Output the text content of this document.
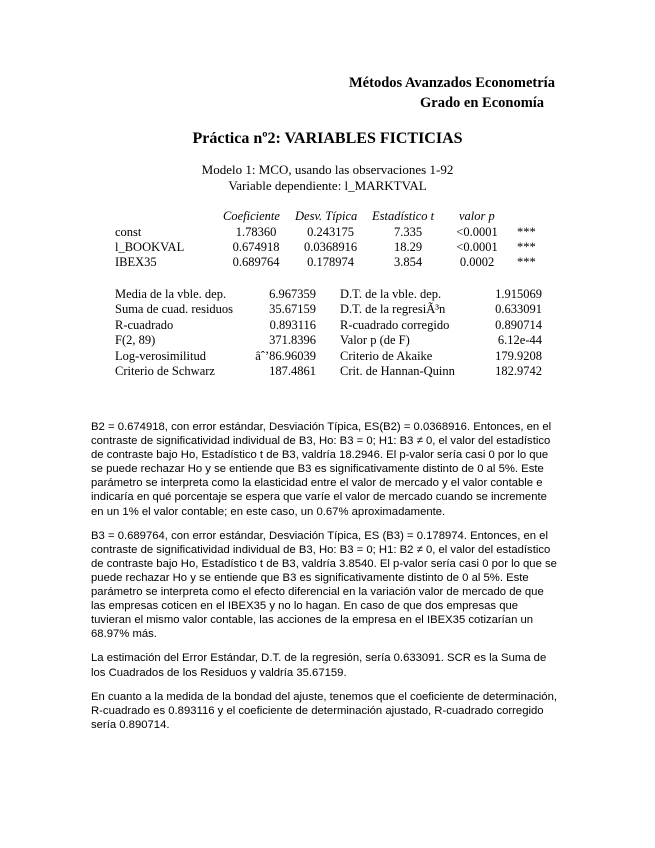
Métodos Avanzados Econometría
Grado en Economía
Práctica nº2: VARIABLES FICTICIAS
Modelo 1: MCO, usando las observaciones 1-92
Variable dependiente: l_MARKTVAL
Coeficiente Desv. Típica Estadístico t valor p
const	1.78360	0.243175	7.335	<0.0001	***
l_BOOKVAL	0.674918	0.0368916	18.29	<0.0001	***
IBEX35	0.689764	0.178974	3.854	0.0002	***
Media de la vble. dep.	6.967359 D.T. de la vble. dep.	1.915069
Suma de cuad. residuos	35.67159 D.T. de la regresiÃ³n	0.633091
R-cuadrado	0.893116 R-cuadrado corregido	0.890714
F(2, 89)	371.8396 Valor p (de F)	6.12e-44
Log-verosimilitud	âˆ’86.96039 Criterio de Akaike	179.9208
Criterio de Schwarz	187.4861 Crit. de Hannan-Quinn	182.9742

B2 = 0.674918, con error estándar, Desviación Típica, ES(B2) = 0.0368916. Entonces, en el contraste de significatividad individual de B3, Ho: B3 = 0; H1: B3 ≠ 0, el valor del estadístico de contraste bajo Ho, Estadístico t de B3, valdría 18.2946. El p-valor sería casi 0 por lo que se puede rechazar Ho y se entiende que B3 es significativamente distinto de 0 al 5%. Este parámetro se interpreta como la elasticidad entre el valor de mercado y el valor contable e indicaría en qué porcentaje se espera que varíe el valor de mercado cuando se incremente en un 1% el valor contable; en este caso, un 0.67% aproximadamente.

B3 = 0.689764, con error estándar, Desviación Típica, ES (B3) = 0.178974. Entonces, en el contraste de significatividad individual de B3, Ho: B3 = 0; H1: B2 ≠ 0, el valor del estadístico de contraste bajo Ho, Estadístico t de B3, valdría 3.8540. El p-valor sería casi 0 por lo que se puede rechazar Ho y se entiende que B3 es significativamente distinto de 0 al 5%. Este parámetro se interpreta como el efecto diferencial en la variación valor de mercado de que las empresas coticen en el IBEX35 y no lo hagan. En caso de que dos empresas que tuvieran el mismo valor contable, las acciones de la empresa en el IBEX35 cotizarían un 68.97% más.

La estimación del Error Estándar, D.T. de la regresión, sería 0.633091. SCR es la Suma de los Cuadrados de los Residuos y valdría 35.67159.

En cuanto a la medida de la bondad del ajuste, tenemos que el coeficiente de determinación, R-cuadrado es 0.893116 y el coeficiente de determinación ajustado, R-cuadrado corregido sería 0.890714.
